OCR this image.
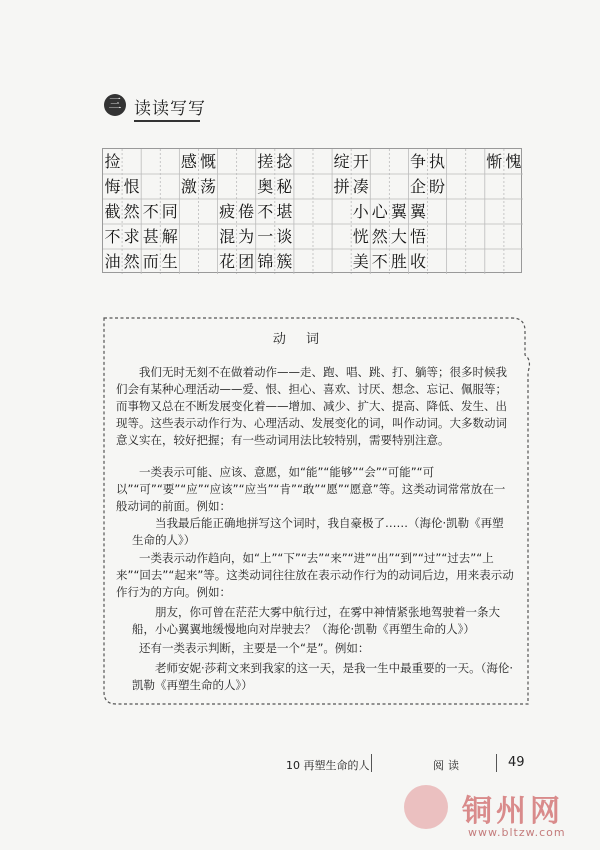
三 读读写写
捡	感 慨	搓 捻	绽 开	争 执	惭 愧
悔 恨	激 荡	奥 秘	拼 凑	企 盼
截 然 不 同	疲 倦 不 堪	小 心 翼 翼
不 求 甚 解	混 为 一 谈	恍 然 大 悟
油 然 而 生	花 团 锦 簇	美 不 胜 收
动 词
我们无时无刻不在做着动作——走、跑、唱、跳、打、躺等；很多时候我们会有某种心理活动——爱、恨、担心、喜欢、讨厌、想念、忘记、佩服等；而事物又总在不断发展变化着——增加、减少、扩大、提高、降低、发生、出现等。这些表示动作行为、心理活动、发展变化的词，叫作动词。大多数动词意义实在，较好把握；有一些动词用法比较特别，需要特别注意。
一类表示可能、应该、意愿，如“能”“能够”“会”“可能”“可以”“可”“要”“应”“应该”“应当”“肯”“敢”“愿”“愿意”等。这类动词常常放在一般动词的前面。例如：
当我最后能正确地拼写这个词时，我自豪极了……（海伦·凯勒《再塑生命的人》）
一类表示动作趋向，如“上”“下”“去”“来”“进”“出”“到”“过”“过去”“上来”“回去”“起来”等。这类动词往往放在表示动作行为的动词后边，用来表示动作行为的方向。例如：
朋友，你可曾在茫茫大雾中航行过，在雾中神情紧张地驾驶着一条大船，小心翼翼地缓慢地向对岸驶去？（海伦·凯勒《再塑生命的人》）
还有一类表示判断，主要是一个“是”。例如：
老师安妮·莎莉文来到我家的这一天，是我一生中最重要的一天。（海伦·凯勒《再塑生命的人》）
10 再塑生命的人	阅读	49
铜州网
www.bltzw.com
